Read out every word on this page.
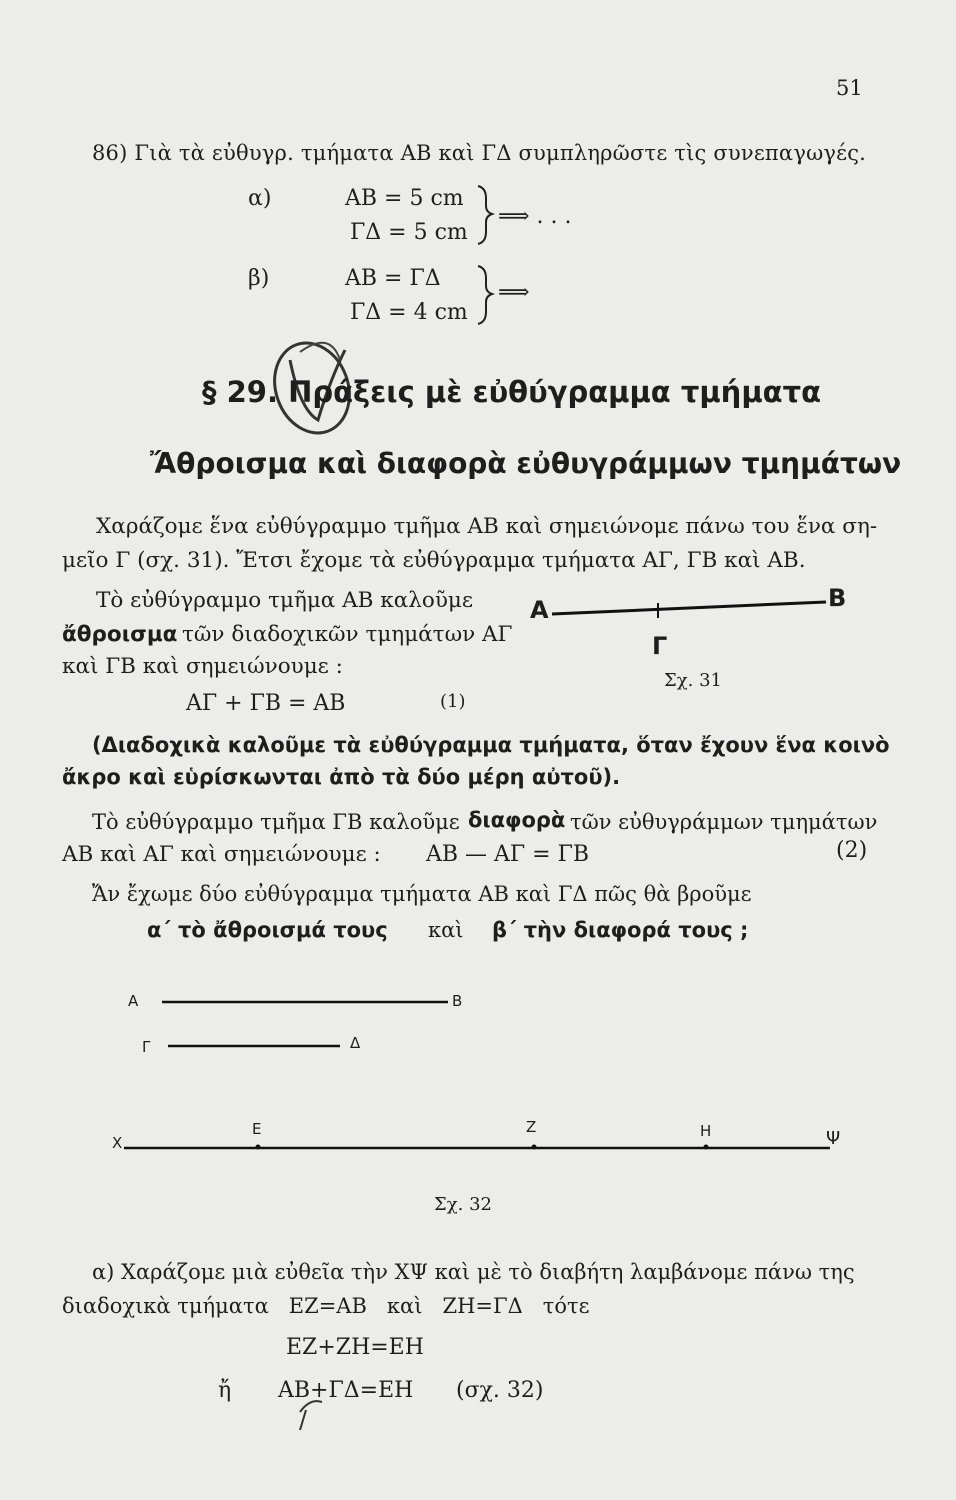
51
86) Γιὰ τὰ εὐθυγρ. τμήματα ΑΒ καὶ ΓΔ συμπληρῶστε τὶς συνεπαγωγές.
α)	ΑΒ = 5 cm
ΓΔ = 5 cm
⟹ . . .
β)	ΑΒ = ΓΔ
ΓΔ = 4 cm
⟹
§ 29. Πράξεις μὲ εὐθύγραμμα τμήματα
Ἄθροισμα καὶ διαφορὰ εὐθυγράμμων τμημάτων
Χαράζομε ἕνα εὐθύγραμμο τμῆμα ΑΒ καὶ σημειώνομε πάνω του ἕνα ση-
μεῖο Γ (σχ. 31). Ἔτσι ἔχομε τὰ εὐθύγραμμα τμήματα ΑΓ, ΓΒ καὶ ΑΒ.
Τὸ εὐθύγραμμο τμῆμα ΑΒ καλοῦμε
ἄθροισμα τῶν διαδοχικῶν τμημάτων ΑΓ
καὶ ΓΒ καὶ σημειώνουμε :
Α	Β
Γ
Σχ. 31
ΑΓ + ΓΒ = ΑΒ	(1)
(Διαδοχικὰ καλοῦμε τὰ εὐθύγραμμα τμήματα, ὅταν ἔχουν ἕνα κοινὸ
ἄκρο καὶ εὑρίσκωνται ἀπὸ τὰ δύο μέρη αὐτοῦ).
Τὸ εὐθύγραμμο τμῆμα ΓΒ καλοῦμε διαφορὰ τῶν εὐθυγράμμων τμημάτων
ΑΒ καὶ ΑΓ καὶ σημειώνουμε : ΑΒ — ΑΓ = ΓΒ	(2)
Ἄν ἔχωμε δύο εὐθύγραμμα τμήματα ΑΒ καὶ ΓΔ πῶς θὰ βροῦμε
α΄ τὸ ἄθροισμά τους καὶ β΄ τὴν διαφορά τους ;
A	B
Γ	Δ
Χ
Ε	Ζ	Η	Ψ
Σχ. 32
α) Χαράζομε μιὰ εὐθεῖα τὴν ΧΨ καὶ μὲ τὸ διαβήτη λαμβάνομε πάνω της
διαδοχικὰ τμήματα   ΕΖ=ΑΒ   καὶ   ΖΗ=ΓΔ   τότε
ΕΖ+ΖΗ=ΕΗ
ἤ ΑΒ+ΓΔ=ΕΗ (σχ. 32)
